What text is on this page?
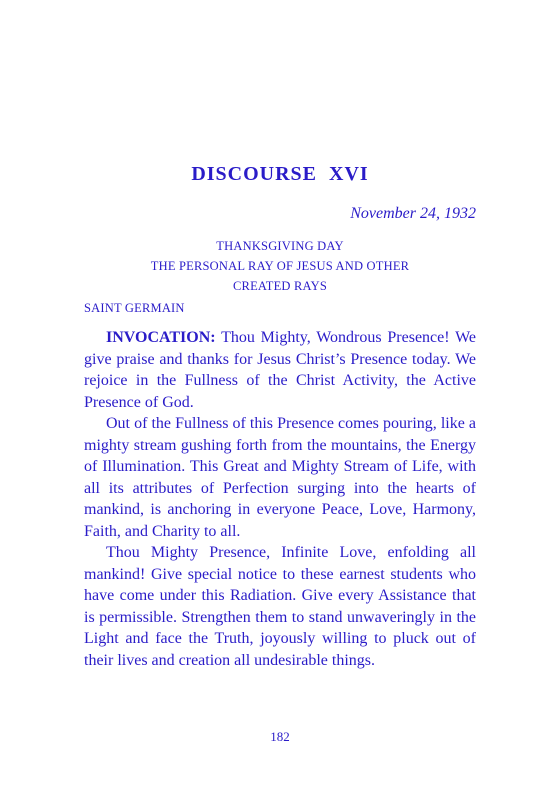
DISCOURSE XVI
November 24, 1932
THANKSGIVING DAY
THE PERSONAL RAY OF JESUS AND OTHER
CREATED RAYS
SAINT GERMAIN

INVOCATION: Thou Mighty, Wondrous Presence! We give praise and thanks for Jesus Christ’s Presence today. We rejoice in the Fullness of the Christ Activity, the Active Presence of God.

Out of the Fullness of this Presence comes pouring, like a mighty stream gushing forth from the mountains, the Energy of Illumination. This Great and Mighty Stream of Life, with all its attributes of Perfection surging into the hearts of mankind, is anchoring in everyone Peace, Love, Harmony, Faith, and Charity to all.

Thou Mighty Presence, Infinite Love, enfolding all mankind! Give special notice to these earnest students who have come under this Radiation. Give every Assistance that is permissible. Strengthen them to stand unwaveringly in the Light and face the Truth, joyously willing to pluck out of their lives and creation all undesirable things.

182
